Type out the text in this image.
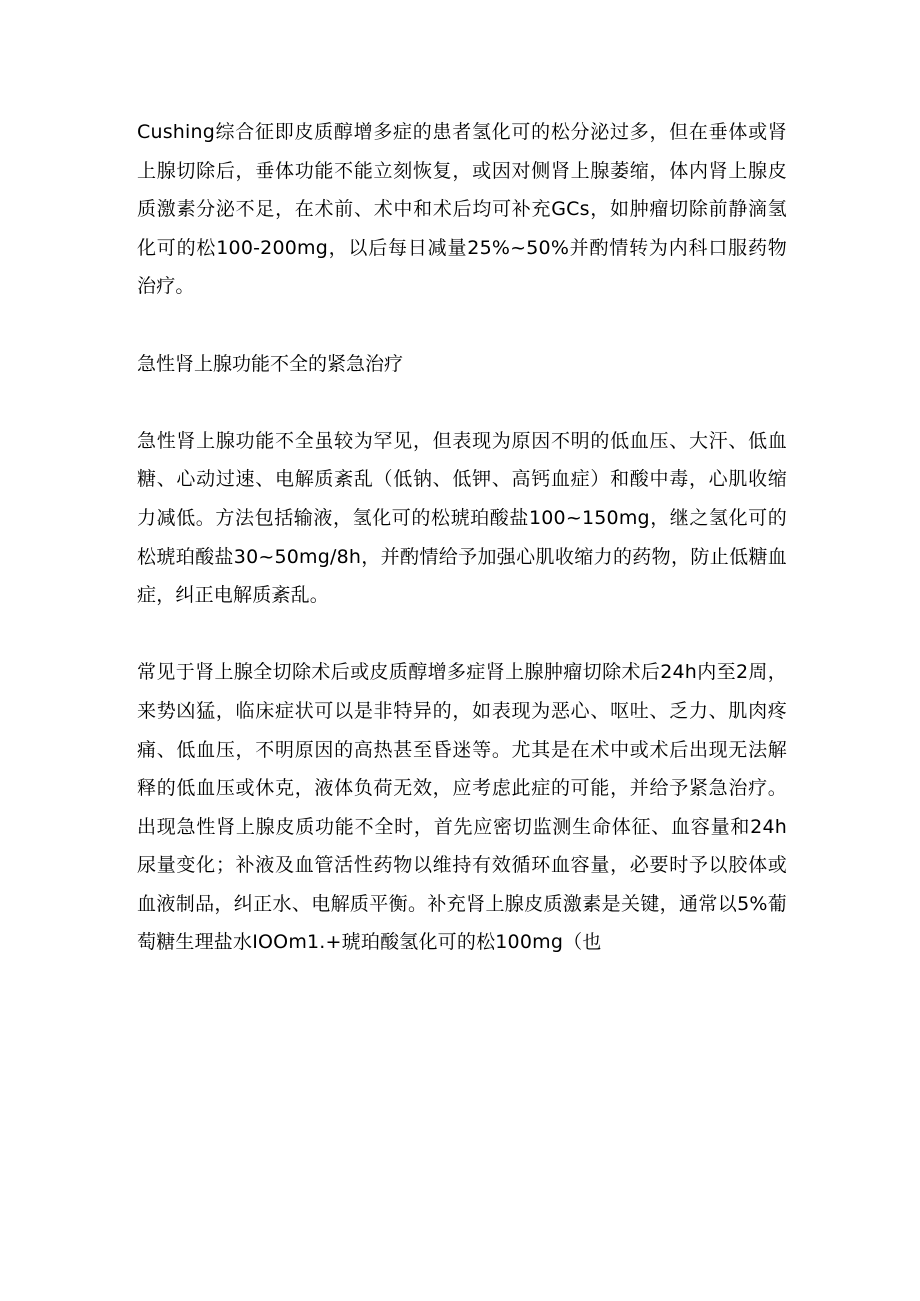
Cushing综合征即皮质醇增多症的患者氢化可的松分泌过多，但在垂体或肾上腺切除后，垂体功能不能立刻恢复，或因对侧肾上腺萎缩，体内肾上腺皮质激素分泌不足，在术前、术中和术后均可补充GCs，如肿瘤切除前静滴氢化可的松100-200mg，以后每日减量25%~50%并酌情转为内科口服药物治疗。

急性肾上腺功能不全的紧急治疗

急性肾上腺功能不全虽较为罕见，但表现为原因不明的低血压、大汗、低血糖、心动过速、电解质紊乱（低钠、低钾、高钙血症）和酸中毒，心肌收缩力减低。方法包括输液，氢化可的松琥珀酸盐100~150mg，继之氢化可的松琥珀酸盐30~50mg∕8h，并酌情给予加强心肌收缩力的药物，防止低糖血症，纠正电解质紊乱。

常见于肾上腺全切除术后或皮质醇增多症肾上腺肿瘤切除术后24h内至2周，来势凶猛，临床症状可以是非特异的，如表现为恶心、呕吐、乏力、肌肉疼痛、低血压，不明原因的高热甚至昏迷等。尤其是在术中或术后出现无法解释的低血压或休克，液体负荷无效，应考虑此症的可能，并给予紧急治疗。出现急性肾上腺皮质功能不全时，首先应密切监测生命体征、血容量和24h尿量变化；补液及血管活性药物以维持有效循环血容量，必要时予以胶体或血液制品，纠正水、电解质平衡。补充肾上腺皮质激素是关键，通常以5%葡萄糖生理盐水IOOm1.+琥珀酸氢化可的松100mg（也
